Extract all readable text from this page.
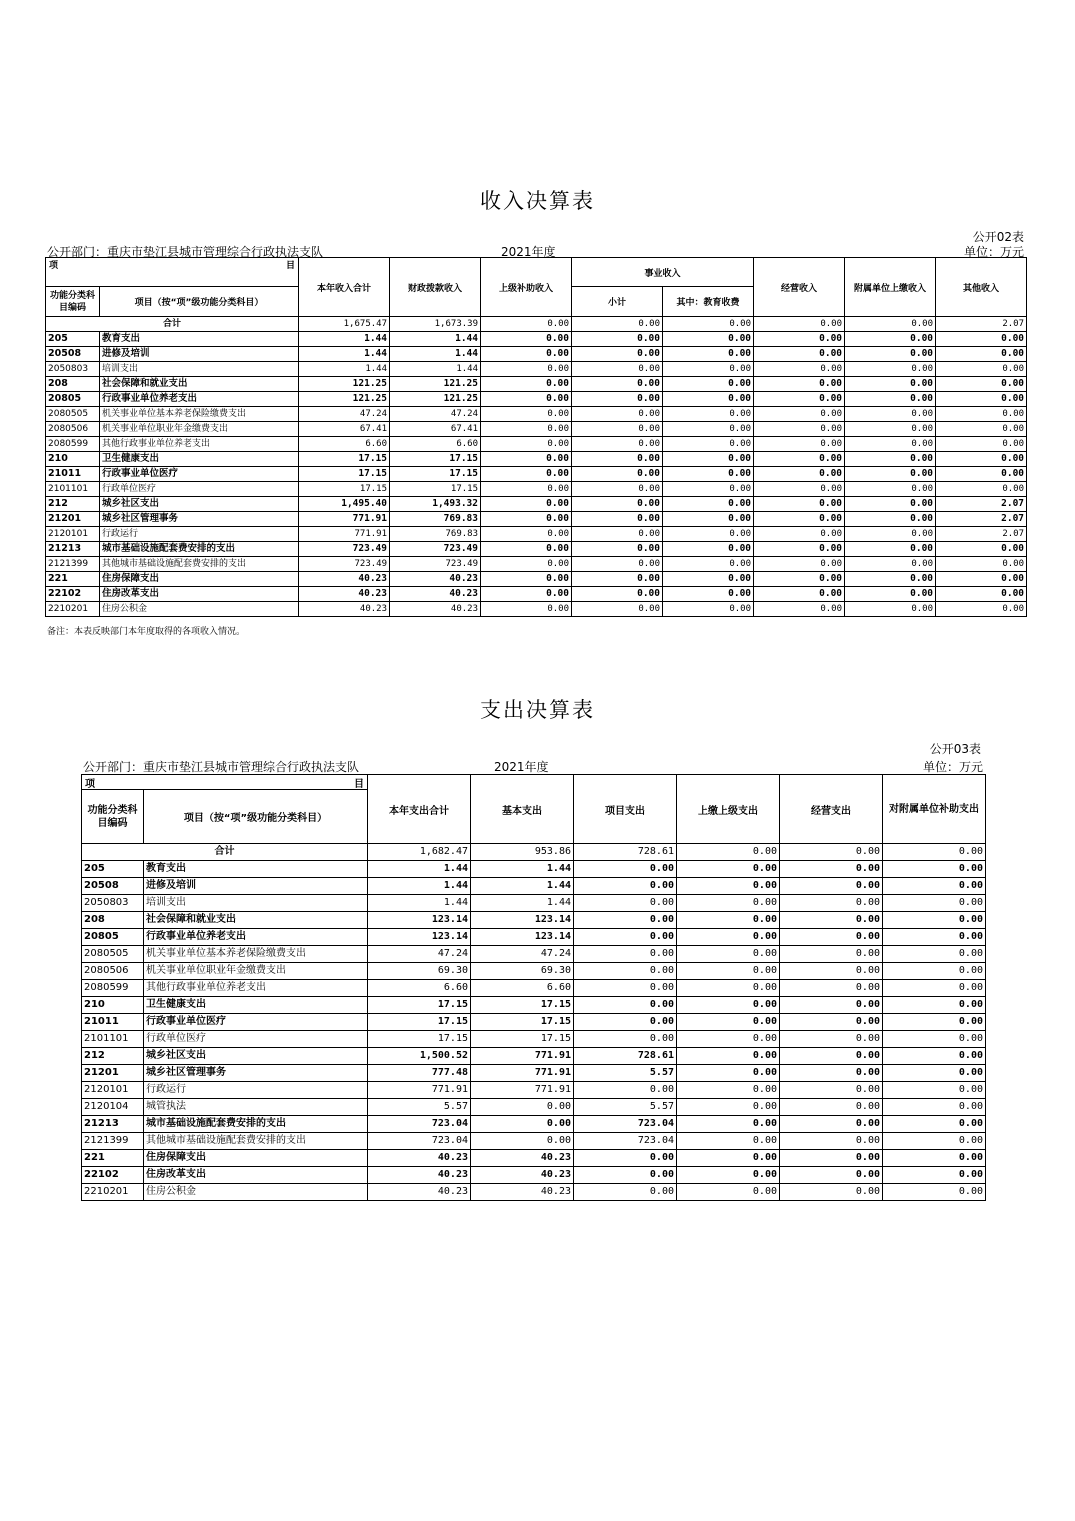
收入决算表
公开02表
公开部门：重庆市垫江县城市管理综合行政执法支队	2021年度	单位：万元
项 目		本年收入合计	财政拨款收入	上级补助收入	事业收入		经营收入	附属单位上缴收入	其他收入
功能分类科目编码	项目（按“项”级功能分类科目）								
					小计	其中：教育收费			
合计		1,675.47	1,673.39	0.00	0.00	0.00	0.00	0.00	2.07
205	教育支出	1.44	1.44	0.00	0.00	0.00	0.00	0.00	0.00
20508	进修及培训	1.44	1.44	0.00	0.00	0.00	0.00	0.00	0.00
2050803	培训支出	1.44	1.44	0.00	0.00	0.00	0.00	0.00	0.00
208	社会保障和就业支出	121.25	121.25	0.00	0.00	0.00	0.00	0.00	0.00
20805	行政事业单位养老支出	121.25	121.25	0.00	0.00	0.00	0.00	0.00	0.00
2080505	机关事业单位基本养老保险缴费支出	47.24	47.24	0.00	0.00	0.00	0.00	0.00	0.00
2080506	机关事业单位职业年金缴费支出	67.41	67.41	0.00	0.00	0.00	0.00	0.00	0.00
2080599	其他行政事业单位养老支出	6.60	6.60	0.00	0.00	0.00	0.00	0.00	0.00
210	卫生健康支出	17.15	17.15	0.00	0.00	0.00	0.00	0.00	0.00
21011	行政事业单位医疗	17.15	17.15	0.00	0.00	0.00	0.00	0.00	0.00
2101101	行政单位医疗	17.15	17.15	0.00	0.00	0.00	0.00	0.00	0.00
212	城乡社区支出	1,495.40	1,493.32	0.00	0.00	0.00	0.00	0.00	2.07
21201	城乡社区管理事务	771.91	769.83	0.00	0.00	0.00	0.00	0.00	2.07
2120101	行政运行	771.91	769.83	0.00	0.00	0.00	0.00	0.00	2.07
21213	城市基础设施配套费安排的支出	723.49	723.49	0.00	0.00	0.00	0.00	0.00	0.00
2121399	其他城市基础设施配套费安排的支出	723.49	723.49	0.00	0.00	0.00	0.00	0.00	0.00
221	住房保障支出	40.23	40.23	0.00	0.00	0.00	0.00	0.00	0.00
22102	住房改革支出	40.23	40.23	0.00	0.00	0.00	0.00	0.00	0.00
2210201	住房公积金	40.23	40.23	0.00	0.00	0.00	0.00	0.00	0.00
备注：本表反映部门本年度取得的各项收入情况。
支出决算表
公开03表
公开部门：重庆市垫江县城市管理综合行政执法支队	2021年度	单位：万元
项 目		本年支出合计	基本支出	项目支出	上缴上级支出	经营支出	对附属单位补助支出
功能分类科目编码	项目（按“项”级功能分类科目）						
合计		1,682.47	953.86	728.61	0.00	0.00	0.00
205	教育支出	1.44	1.44	0.00	0.00	0.00	0.00
20508	进修及培训	1.44	1.44	0.00	0.00	0.00	0.00
2050803	培训支出	1.44	1.44	0.00	0.00	0.00	0.00
208	社会保障和就业支出	123.14	123.14	0.00	0.00	0.00	0.00
20805	行政事业单位养老支出	123.14	123.14	0.00	0.00	0.00	0.00
2080505	机关事业单位基本养老保险缴费支出	47.24	47.24	0.00	0.00	0.00	0.00
2080506	机关事业单位职业年金缴费支出	69.30	69.30	0.00	0.00	0.00	0.00
2080599	其他行政事业单位养老支出	6.60	6.60	0.00	0.00	0.00	0.00
210	卫生健康支出	17.15	17.15	0.00	0.00	0.00	0.00
21011	行政事业单位医疗	17.15	17.15	0.00	0.00	0.00	0.00
2101101	行政单位医疗	17.15	17.15	0.00	0.00	0.00	0.00
212	城乡社区支出	1,500.52	771.91	728.61	0.00	0.00	0.00
21201	城乡社区管理事务	777.48	771.91	5.57	0.00	0.00	0.00
2120101	行政运行	771.91	771.91	0.00	0.00	0.00	0.00
2120104	城管执法	5.57	0.00	5.57	0.00	0.00	0.00
21213	城市基础设施配套费安排的支出	723.04	0.00	723.04	0.00	0.00	0.00
2121399	其他城市基础设施配套费安排的支出	723.04	0.00	723.04	0.00	0.00	0.00
221	住房保障支出	40.23	40.23	0.00	0.00	0.00	0.00
22102	住房改革支出	40.23	40.23	0.00	0.00	0.00	0.00
2210201	住房公积金	40.23	40.23	0.00	0.00	0.00	0.00
